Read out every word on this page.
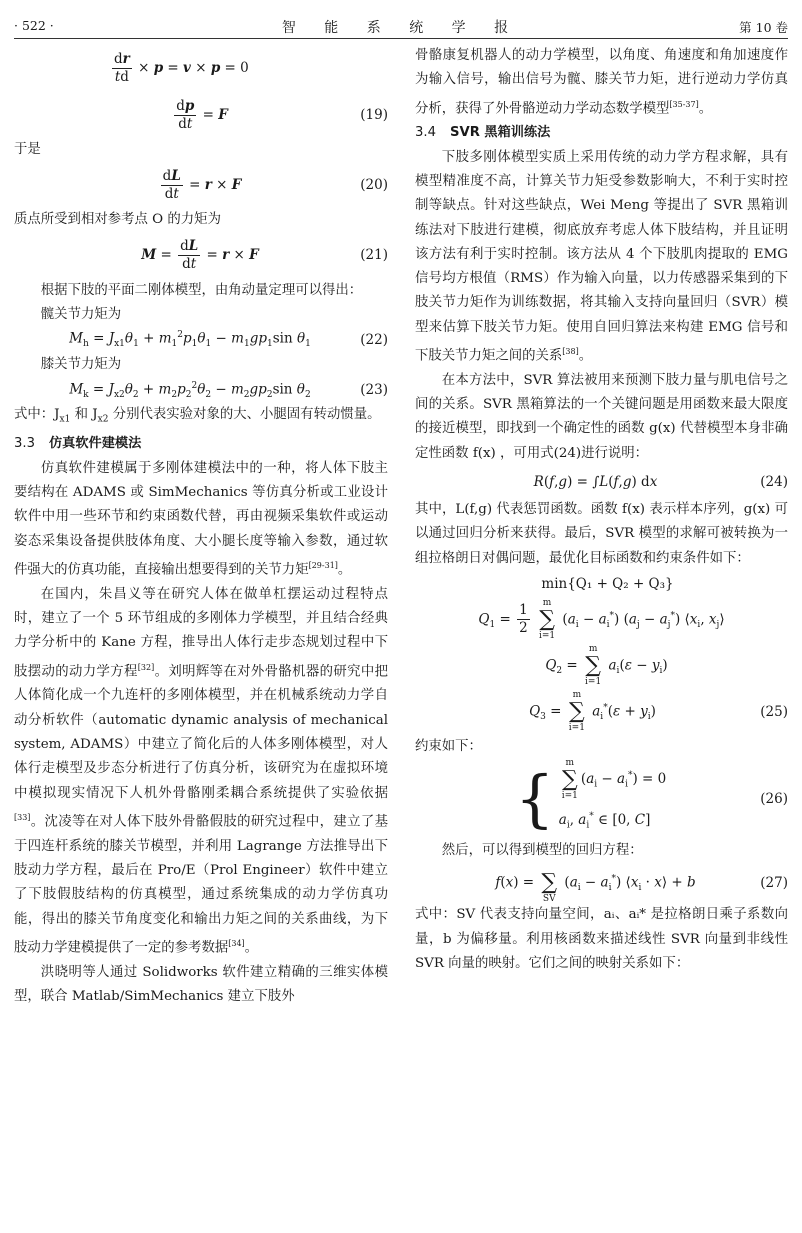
· 522 ·	智 能 系 统 学 报	第 10 卷
$\frac{dr}{td} \times p = v \times p = 0$
$\frac{dp}{dt} = F$	(19)

于是

$\frac{dL}{dt} = r \times F$	(20)

质点所受到相对参考点 O 的力矩为

$M = \frac{dL}{dt} = r \times F$	(21)

根据下肢的平面二刚体模型，由角动量定理可以得出：

髋关节力矩为

$M_h = J_{x1}\theta_1 + m_1^2p_1\theta_1 - m_1gp_1\sin$ $\theta_1$	(22)

膝关节力矩为

$M_k = J_{x2}\theta_2 + m_2p_2^2\theta_2 - m_2gp_2\sin$ $\theta_2$	(23)

式中：$J_{x1}$ 和 $J_{x2}$ 分别代表实验对象的大、小腿固有转动惯量。

3.3 仿真软件建模法

仿真软件建模属于多刚体建模法中的一种，将人体下肢主要结构在 ADAMS 或 SimMechanics 等仿真分析或工业设计软件中用一些环节和约束函数代替，再由视频采集软件或运动姿态采集设备提供肢体角度、大小腿长度等输入参数，通过软件强大的仿真功能，直接输出想要得到的关节力矩[29-31]。

在国内，朱昌义等在研究人体在做单杠摆运动过程特点时，建立了一个 5 环节组成的多刚体力学模型，并且结合经典力学分析中的 Kane 方程，推导出人体行走步态规划过程中下肢摆动的动力学方程[32]。刘明辉等在对外骨骼机器的研究中把人体简化成一个九连杆的多刚体模型，并在机械系统动力学自动分析软件（automatic dynamic analysis of mechanical system, ADAMS）中建立了简化后的人体多刚体模型，对人体行走模型及步态分析进行了仿真分析，该研究为在虚拟环境中模拟现实情况下人机外骨骼刚柔耦合系统提供了实验依据[33]。沈凌等在对人体下肢外骨骼假肢的研究过程中，建立了基于四连杆系统的膝关节模型，并利用 Lagrange 方法推导出下肢动力学方程，最后在 Pro/E（Prol Engineer）软件中建立了下肢假肢结构的仿真模型，通过系统集成的动力学仿真功能，得出的膝关节角度变化和输出力矩之间的关系曲线，为下肢动力学建模提供了一定的参考数据[34]。

洪晓明等人通过 Solidworks 软件建立精确的三维实体模型，联合 Matlab/SimMechanics 建立下肢外

骨骼康复机器人的动力学模型，以角度、角速度和角加速度作为输入信号，输出信号为髋、膝关节力矩，进行逆动力学仿真分析，获得了外骨骼逆动力学动态数学模型[35-37]。

3.4 SVR 黑箱训练法

下肢多刚体模型实质上采用传统的动力学方程求解，具有模型精准度不高，计算关节力矩受参数影响大，不利于实时控制等缺点。针对这些缺点，Wei Meng 等提出了 SVR 黑箱训练法对下肢进行建模，彻底放弃考虑人体下肢结构，并且证明该方法有利于实时控制。该方法从 4 个下肢肌肉提取的 EMG 信号均方根值（RMS）作为输入向量，以力传感器采集到的下肢关节力矩作为训练数据，将其输入支持向量回归（SVR）模型来估算下肢关节力矩。使用自回归算法来构建 EMG 信号和下肢关节力矩之间的关系[38]。

在本方法中，SVR 算法被用来预测下肢力量与肌电信号之间的关系。SVR 黑箱算法的一个关键问题是用函数来最大限度的接近模型，即找到一个确定性的函数 g(x) 代替模型本身非确定性函数 f(x) ，可用式(24)进行说明：

R(f,g) = ∫L(f,g) dx	(24)

其中，L(f,g) 代表惩罚函数。函数 f(x) 表示样本序列，g(x) 可以通过回归分析来获得。最后，SVR 模型的求解可被转换为一组拉格朗日对偶问题，最优化目标函数和约束条件如下：

min{Q₁ + Q₂ + Q₃}
$Q_1 = \frac{1}{2}$
m
∑
i=1
$(a_i - a_i^*) (a_j - a_j^*)$ $⟨x_i$, $x_j⟩$
$Q_2$ =
m
∑
i=1
$a_i(\varepsilon - y_i)$
$Q_3$ =
m
∑
i=1
$a_i^*(\varepsilon + y_i)$	(25)

约束如下：

{ m
∑
i=1
$(a_i - a_i^*) = 0$
$a_i$, $a_i^*$ ∈ [0, C]
(26)

然后，可以得到模型的回归方程：

f(x) =
∑
SV
$(a_i - a_i^*)$ $⟨x_i$ · x⟩ + b	(27)

式中：SV 代表支持向量空间，aᵢ、aᵢ* 是拉格朗日乘子系数向量，b 为偏移量。利用核函数来描述线性 SVR 向量到非线性 SVR 向量的映射。它们之间的映射关系如下：
